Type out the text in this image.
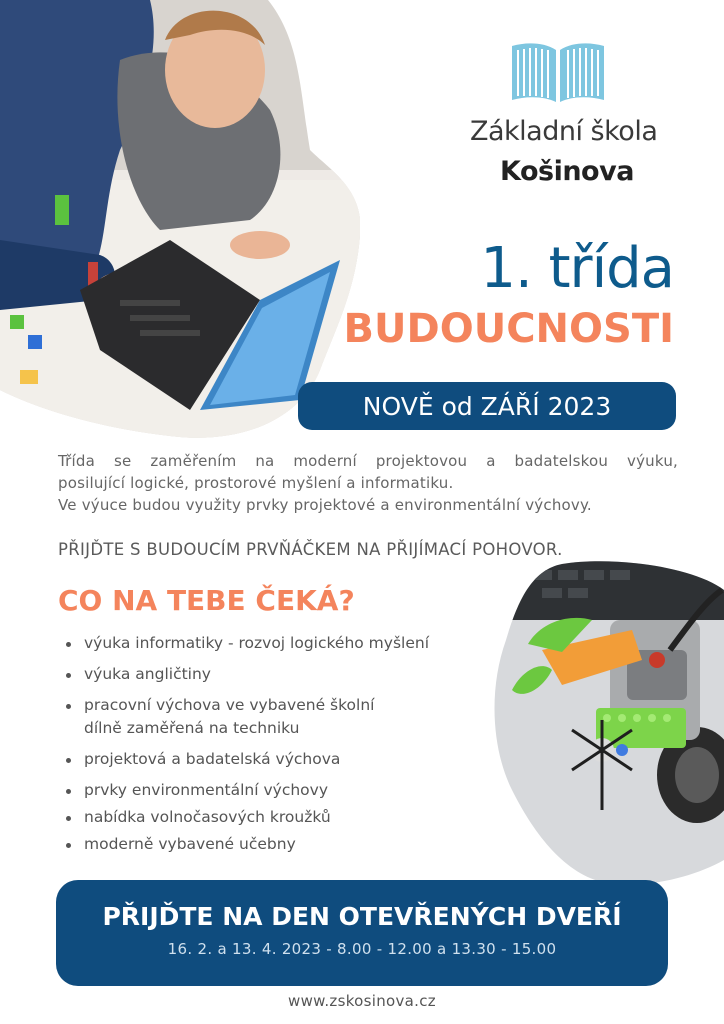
Základní škola
Košinova
1. třída
BUDOUCNOSTI
NOVĚ od ZÁŘÍ 2023

Třída se zaměřením na moderní projektovou a badatelskou výuku,

posilující logické, prostorové myšlení a informatiku.

Ve výuce budou využity prvky projektové a environmentální výchovy.

PŘIJĎTE S BUDOUCÍM PRVŇÁČKEM NA PŘIJÍMACÍ POHOVOR.
CO NA TEBE ČEKÁ?
výuka informatiky - rozvoj logického myšlení
výuka angličtiny
pracovní výchova ve vybavené školní dílně zaměřená na techniku
projektová a badatelská výchova
prvky environmentální výchovy
nabídka volnočasových kroužků
moderně vybavené učebny
PŘIJĎTE NA DEN OTEVŘENÝCH DVEŘÍ
16. 2. a 13. 4. 2023 - 8.00 - 12.00 a 13.30 - 15.00
www.zskosinova.cz
